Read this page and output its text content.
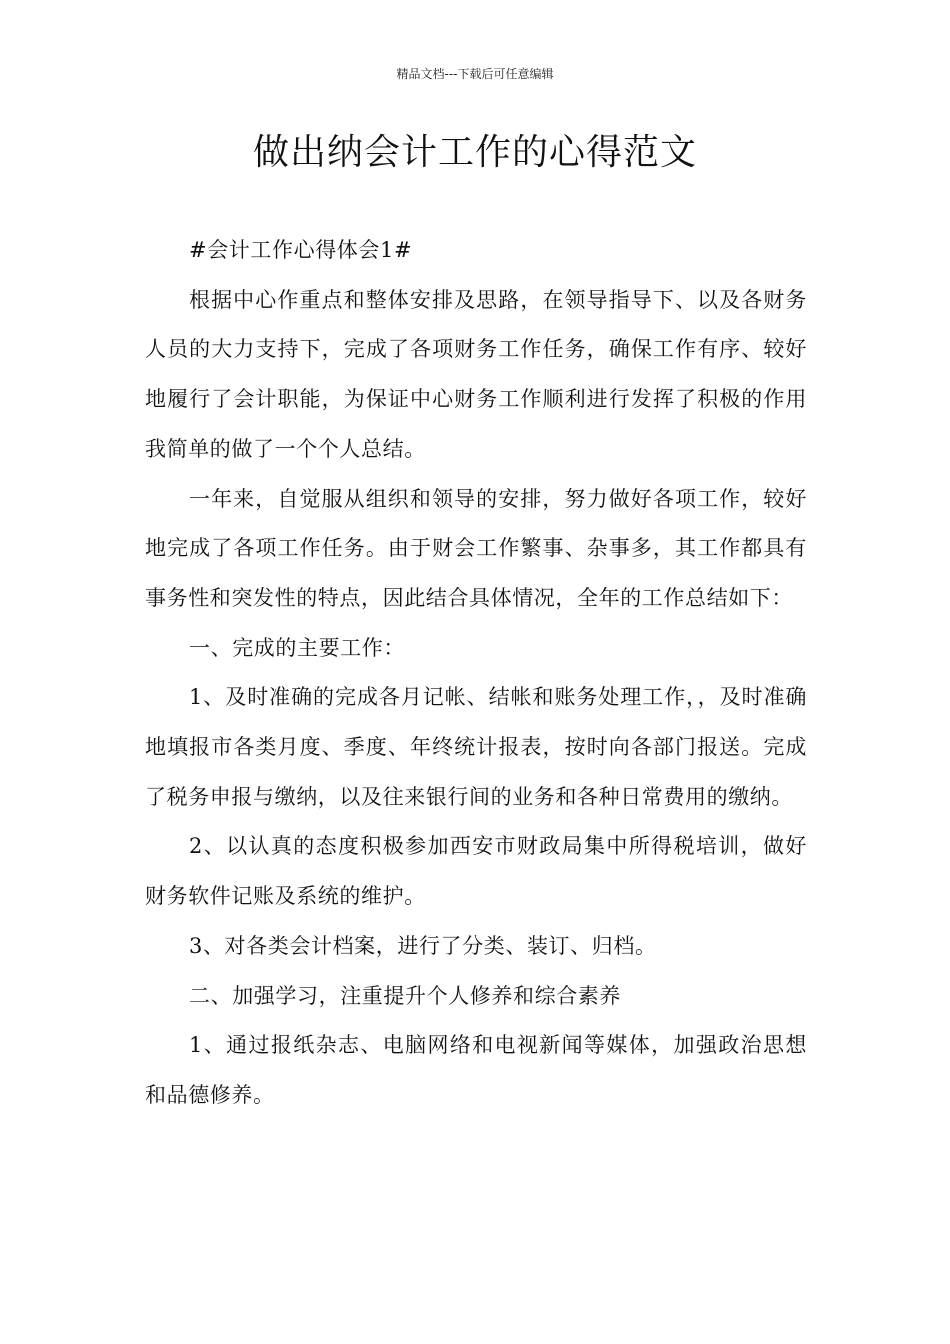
精品文档---下载后可任意编辑
做出纳会计工作的心得范文

#会计工作心得体会1#

根据中心作重点和整体安排及思路，在领导指导下、以及各财务人员的大力支持下，完成了各项财务工作任务，确保工作有序、较好地履行了会计职能，为保证中心财务工作顺利进行发挥了积极的作用我简单的做了一个个人总结。

一年来，自觉服从组织和领导的安排，努力做好各项工作，较好地完成了各项工作任务。由于财会工作繁事、杂事多，其工作都具有事务性和突发性的特点，因此结合具体情况，全年的工作总结如下：

一、完成的主要工作：

1、及时准确的完成各月记帐、结帐和账务处理工作，，及时准确地填报市各类月度、季度、年终统计报表，按时向各部门报送。完成了税务申报与缴纳，以及往来银行间的业务和各种日常费用的缴纳。

2、以认真的态度积极参加西安市财政局集中所得税培训，做好财务软件记账及系统的维护。

3、对各类会计档案，进行了分类、装订、归档。

二、加强学习，注重提升个人修养和综合素养

1、通过报纸杂志、电脑网络和电视新闻等媒体，加强政治思想和品德修养。
